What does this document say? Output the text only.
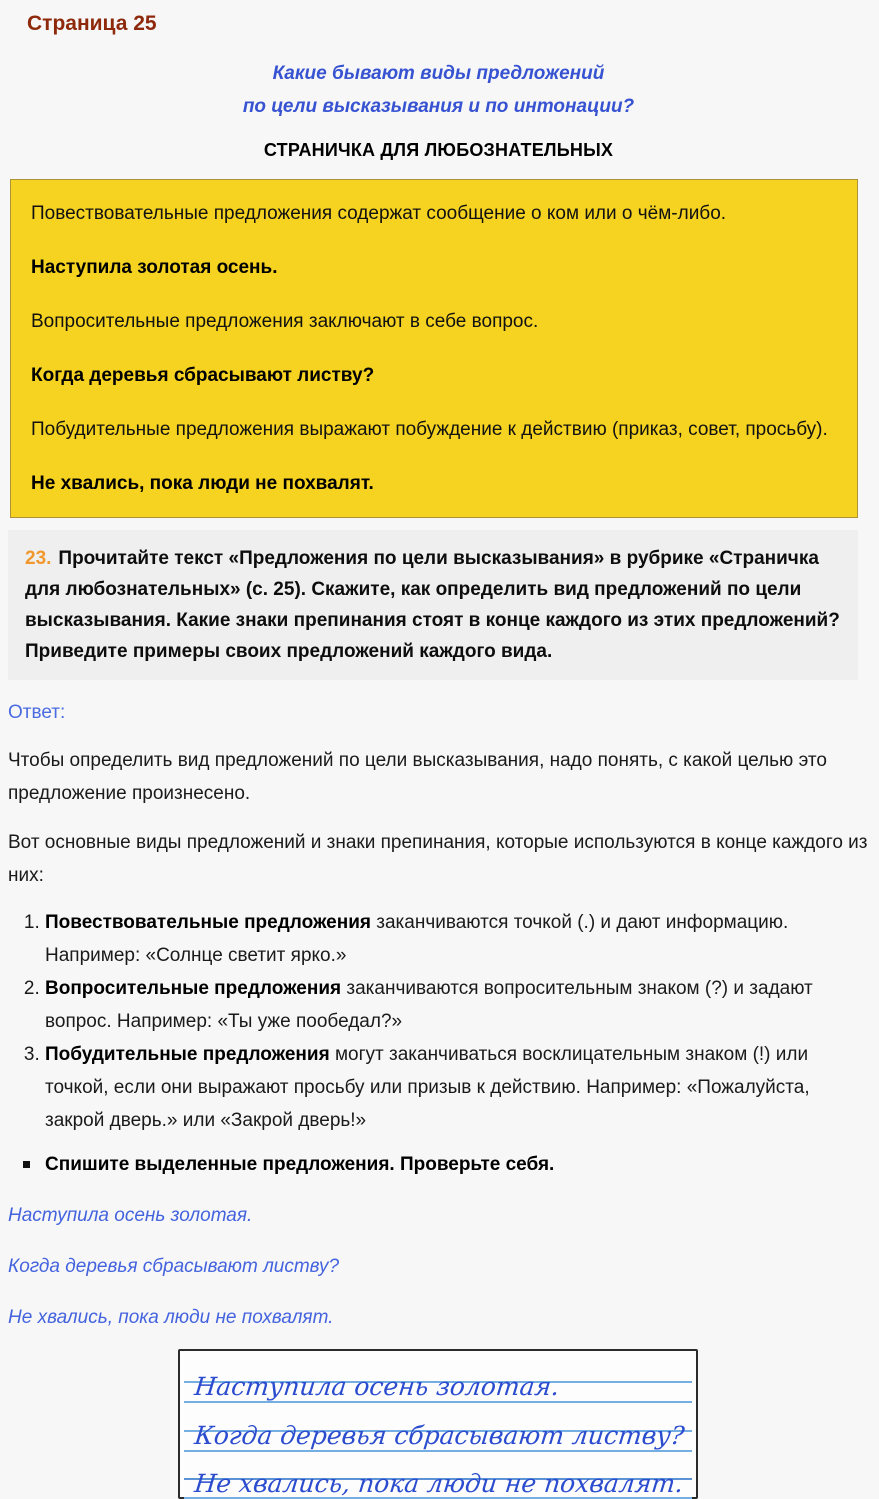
Страница 25
Какие бывают виды предложений
по цели высказывания и по интонации?
СТРАНИЧКА ДЛЯ ЛЮБОЗНАТЕЛЬНЫХ

Повествовательные предложения содержат сообщение о ком или о чём-либо.

Наступила золотая осень.

Вопросительные предложения заключают в себе вопрос.

Когда деревья сбрасывают листву?

Побудительные предложения выражают побуждение к действию (приказ, совет, просьбу).

Не хвались, пока люди не похвалят.

23. Прочитайте текст «Предложения по цели высказывания» в рубрике «Страничка для любознательных» (с. 25). Скажите, как определить вид предложений по цели высказывания. Какие знаки препинания стоят в конце каждого из этих предложений? Приведите примеры своих предложений каждого вида.
Ответ:

Чтобы определить вид предложений по цели высказывания, надо понять, с какой целью это предложение произнесено.

Вот основные виды предложений и знаки препинания, которые используются в конце каждого из них:

1. Повествовательные предложения заканчиваются точкой (.) и дают информацию. Например: «Солнце светит ярко.»
2. Вопросительные предложения заканчиваются вопросительным знаком (?) и задают вопрос. Например: «Ты уже пообедал?»
3. Побудительные предложения могут заканчиваться восклицательным знаком (!) или точкой, если они выражают просьбу или призыв к действию. Например: «Пожалуйста, закрой дверь.» или «Закрой дверь!»
Спишите выделенные предложения. Проверьте себя.

Наступила осень золотая.

Когда деревья сбрасывают листву?

Не хвались, пока люди не похвалят.

Наступила осень золотая.
Когда деревья сбрасывают листву?
Не хвались, пока люди не похвалят.
